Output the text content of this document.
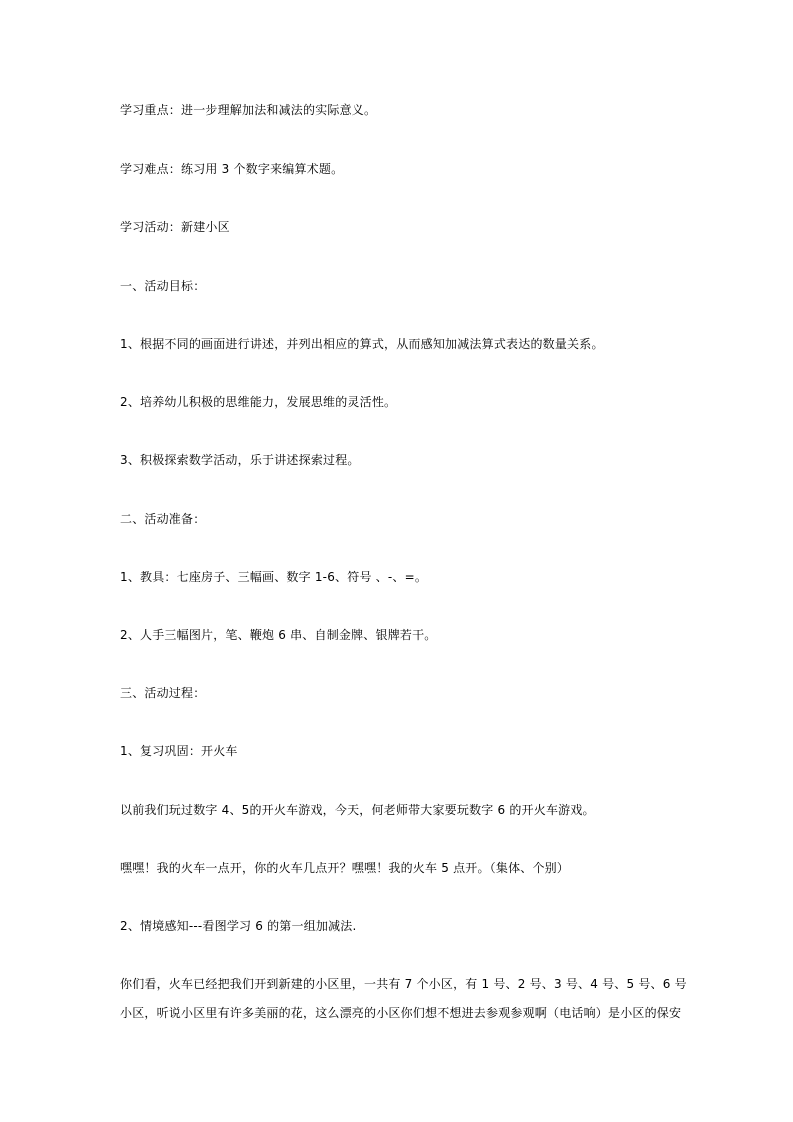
学习重点：进一步理解加法和减法的实际意义。
学习难点：练习用 3 个数字来编算术题。
学习活动：新建小区
一、活动目标：
1、根据不同的画面进行讲述，并列出相应的算式，从而感知加减法算式表达的数量关系。
2、培养幼儿积极的思维能力，发展思维的灵活性。
3、积极探索数学活动，乐于讲述探索过程。
二、活动准备：
1、教具：七座房子、三幅画、数字 1-6、符号 、-、=。
2、人手三幅图片，笔、鞭炮 6 串、自制金牌、银牌若干。
三、活动过程：
1、复习巩固：开火车
以前我们玩过数字 4、5的开火车游戏，今天，何老师带大家要玩数字 6 的开火车游戏。
嘿嘿！我的火车一点开，你的火车几点开？嘿嘿！我的火车 5 点开。（集体、个别）
2、情境感知---看图学习 6 的第一组加减法.
你们看，火车已经把我们开到新建的小区里，一共有 7 个小区，有 1 号、2 号、3 号、4 号、5 号、6 号
小区，听说小区里有许多美丽的花，这么漂亮的小区你们想不想进去参观参观啊（电话响）是小区的保安
